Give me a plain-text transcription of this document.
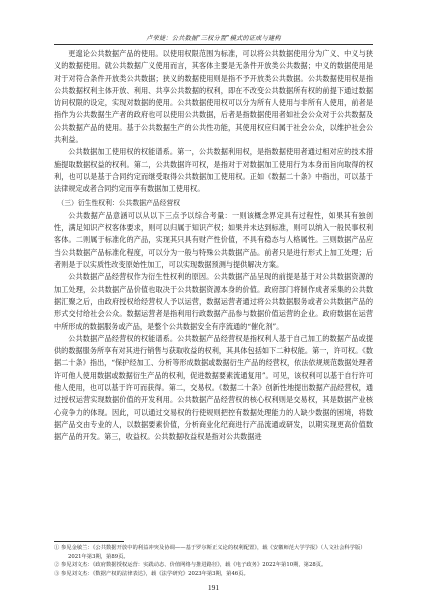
卢荣婕：公共数据“三权分置”模式的证成与建构

更遑论公共数据产品的使用。以使用权限范围为标准，可以将公共数据使用分为广义、中义与狭义的数据使用。就公共数据广义使用而言，其客体主要是无条件开放类公共数据；中义的数据使用是对于对符合条件开放类公共数据；狭义的数据使用则是指不予开放类公共数据。公共数据使用权是指公共数据权利主体开放、利用、共享公共数据的权利，即在不改变公共数据所有权的前提下通过数据访问权限的设定，实现对数据的使用。公共数据使用权可以分为所有人使用与非所有人使用，前者是指作为公共数据生产者的政府也可以使用公共数据，后者是指数据使用者如社会公众对于公共数据及公共数据产品的使用。基于公共数据生产的公共性功能，其使用权应归属于社会公众，以维护社会公共利益。

公共数据加工使用权的权能谱系。第一，公共数据利用权，是指数据使用者通过相对应的技术措施提取数据权益的权利。第二，公共数据许可权，是指对于对数据加工使用行为本身而旨向取得的权利，也可以是基于合同约定而继受取得公共数据加工使用权。正如《数据二十条》中指出，可以基于法律规定或者合同约定而享有数据加工使用权。

（三）衍生性权利：公共数据产品经营权

公共数据产品意涵可以从以下三点予以综合考量：一则该概念界定具有过程性，如果其有独创性，满足知识产权客体要求，则可以归属于知识产权；如果并未达到标准，则可以纳入一般民事权利客体。二则属于标准化的产品，实现其只具有财产性价值，不具有稳态与人格属性。三则数据产品应当公共数据产品标准化程度，可以分为一般与特殊公共数据产品。前者只是进行形式上加工处理；后者则是于以实质性改变原始性加工，可以实现数据预测与提供解决方案。

公共数据产品经营权作为衍生性权利的原因。公共数据产品呈现的前提是基于对公共数据资源的加工处理，公共数据产品价值也取决于公共数据资源本身的价值。政府部门将制作成者采集的公共数据汇聚之后，由政府授权给经营权人予以运营，数据运营者通过将公共数据服务或者公共数据产品的形式交付给社会公众。数据运营者是指利用行政数据产品参与数据价值运营的企业。政府数据在运营中所形成的数据服务或产品，是整个公共数据安全有序流通的“催化剂”。

公共数据产品经营权的权能谱系。公共数据产品经营权是指权利人基于自己加工的数据产品或提供的数据服务所享有对其进行销售与获取收益的权利，其具体包括如下二种权能。第一，许可权。《数据二十条》指出，“保护经加工、分析等形成数据或数据衍生产品的经营权，依法依规规范数据处理者许可他人使用数据或数据衍生产品的权利，促进数据要素流通复用”。可见，该权利可以基于自行许可他人使用，也可以基于许可而获得。第二，交易权。《数据二十条》创新性地提出数据产品经营权，通过授权运营实现数据价值的开发利用。公共数据产品经营权的核心权利则是交易权，其是数据产业核心竞争力的体现。因此，可以通过交易权的行使规则把控有数据处理能力的人缺少数据的困境，将数据产品交由专业的人，以数据要素价值，分析商业化纪商进行产品流通或研发，以期实现更高价值数据产品的开发。第三，收益权。公共数据收益权是指对公共数据进

① 参见金敏兰：《公共数据开放中的利益冲突及协调——基于罗尔斯正义论的权利配置》，载《安徽师范大学学报》（人文社会科学版）2021年第3期，第89页。
② 参见刘文杰：《政府数据授权运营：实践动态、价值网络与推进路径》，载《电子政务》2022年第10期，第28页。
③ 参见刘文杰：《数据产权的法律表达》，载《法学研究》2023年第3期，第46页。
191
